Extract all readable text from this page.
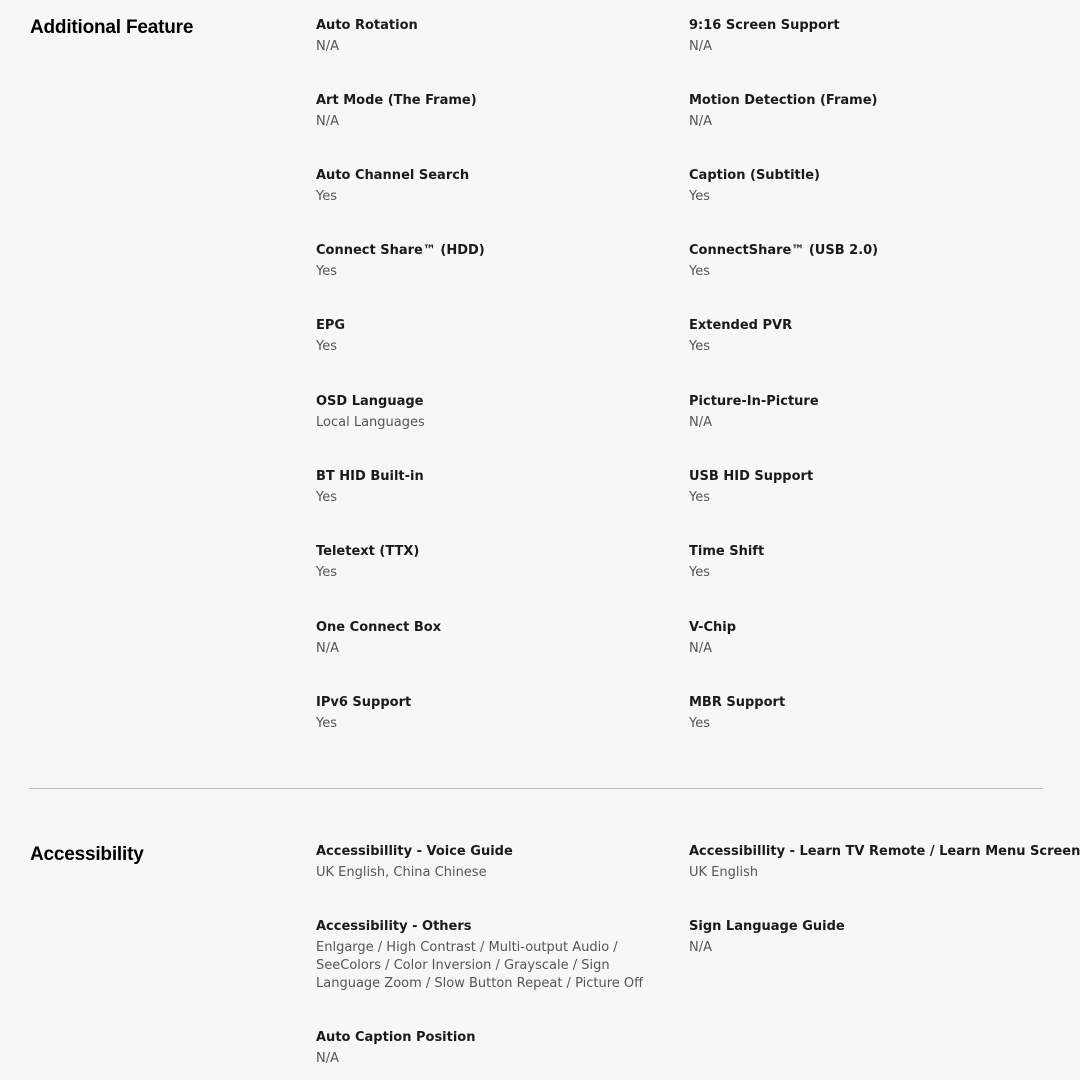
Additional Feature	Auto Rotation
N/A
9:16 Screen Support
N/A
Art Mode (The Frame)
N/A
Motion Detection (Frame)
N/A
Auto Channel Search
Yes
Caption (Subtitle)
Yes
Connect Share™ (HDD)
Yes
ConnectShare™ (USB 2.0)
Yes
EPG
Yes
Extended PVR
Yes
OSD Language
Local Languages
Picture-In-Picture
N/A
BT HID Built-in
Yes
USB HID Support
Yes
Teletext (TTX)
Yes
Time Shift
Yes
One Connect Box
N/A
V-Chip
N/A
IPv6 Support
Yes
MBR Support
Yes
Accessibility	Accessibillity - Voice Guide
UK English, China Chinese
Accessibillity - Learn TV Remote / Learn Menu Screen
UK English
Accessibility - Others
Enlgarge / High Contrast / Multi-output Audio / SeeColors / Color Inversion / Grayscale / Sign Language Zoom / Slow Button Repeat / Picture Off
Sign Language Guide
N/A
Auto Caption Position
N/A
